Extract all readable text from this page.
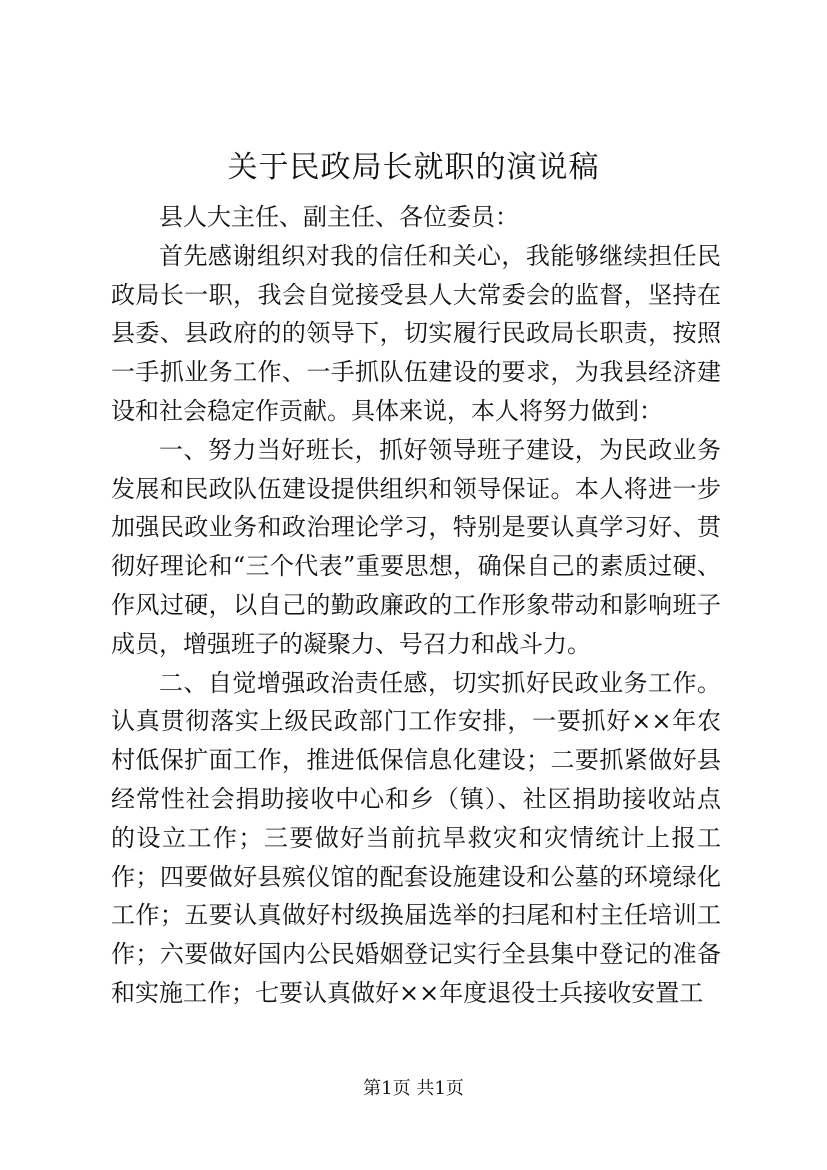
关于民政局长就职的演说稿

县人大主任、副主任、各位委员：

首先感谢组织对我的信任和关心，我能够继续担任民政局长一职，我会自觉接受县人大常委会的监督，坚持在县委、县政府的的领导下，切实履行民政局长职责，按照一手抓业务工作、一手抓队伍建设的要求，为我县经济建设和社会稳定作贡献。具体来说，本人将努力做到：

一、努力当好班长，抓好领导班子建设，为民政业务发展和民政队伍建设提供组织和领导保证。本人将进一步加强民政业务和政治理论学习，特别是要认真学习好、贯彻好理论和“三个代表”重要思想，确保自己的素质过硬、作风过硬，以自己的勤政廉政的工作形象带动和影响班子成员，增强班子的凝聚力、号召力和战斗力。

二、自觉增强政治责任感，切实抓好民政业务工作。认真贯彻落实上级民政部门工作安排，一要抓好××年农村低保扩面工作，推进低保信息化建设；二要抓紧做好县经常性社会捐助接收中心和乡（镇）、社区捐助接收站点的设立工作；三要做好当前抗旱救灾和灾情统计上报工作；四要做好县殡仪馆的配套设施建设和公墓的环境绿化工作；五要认真做好村级换届选举的扫尾和村主任培训工作；六要做好国内公民婚姻登记实行全县集中登记的准备和实施工作；七要认真做好××年度退役士兵接收安置工

第1页 共1页
